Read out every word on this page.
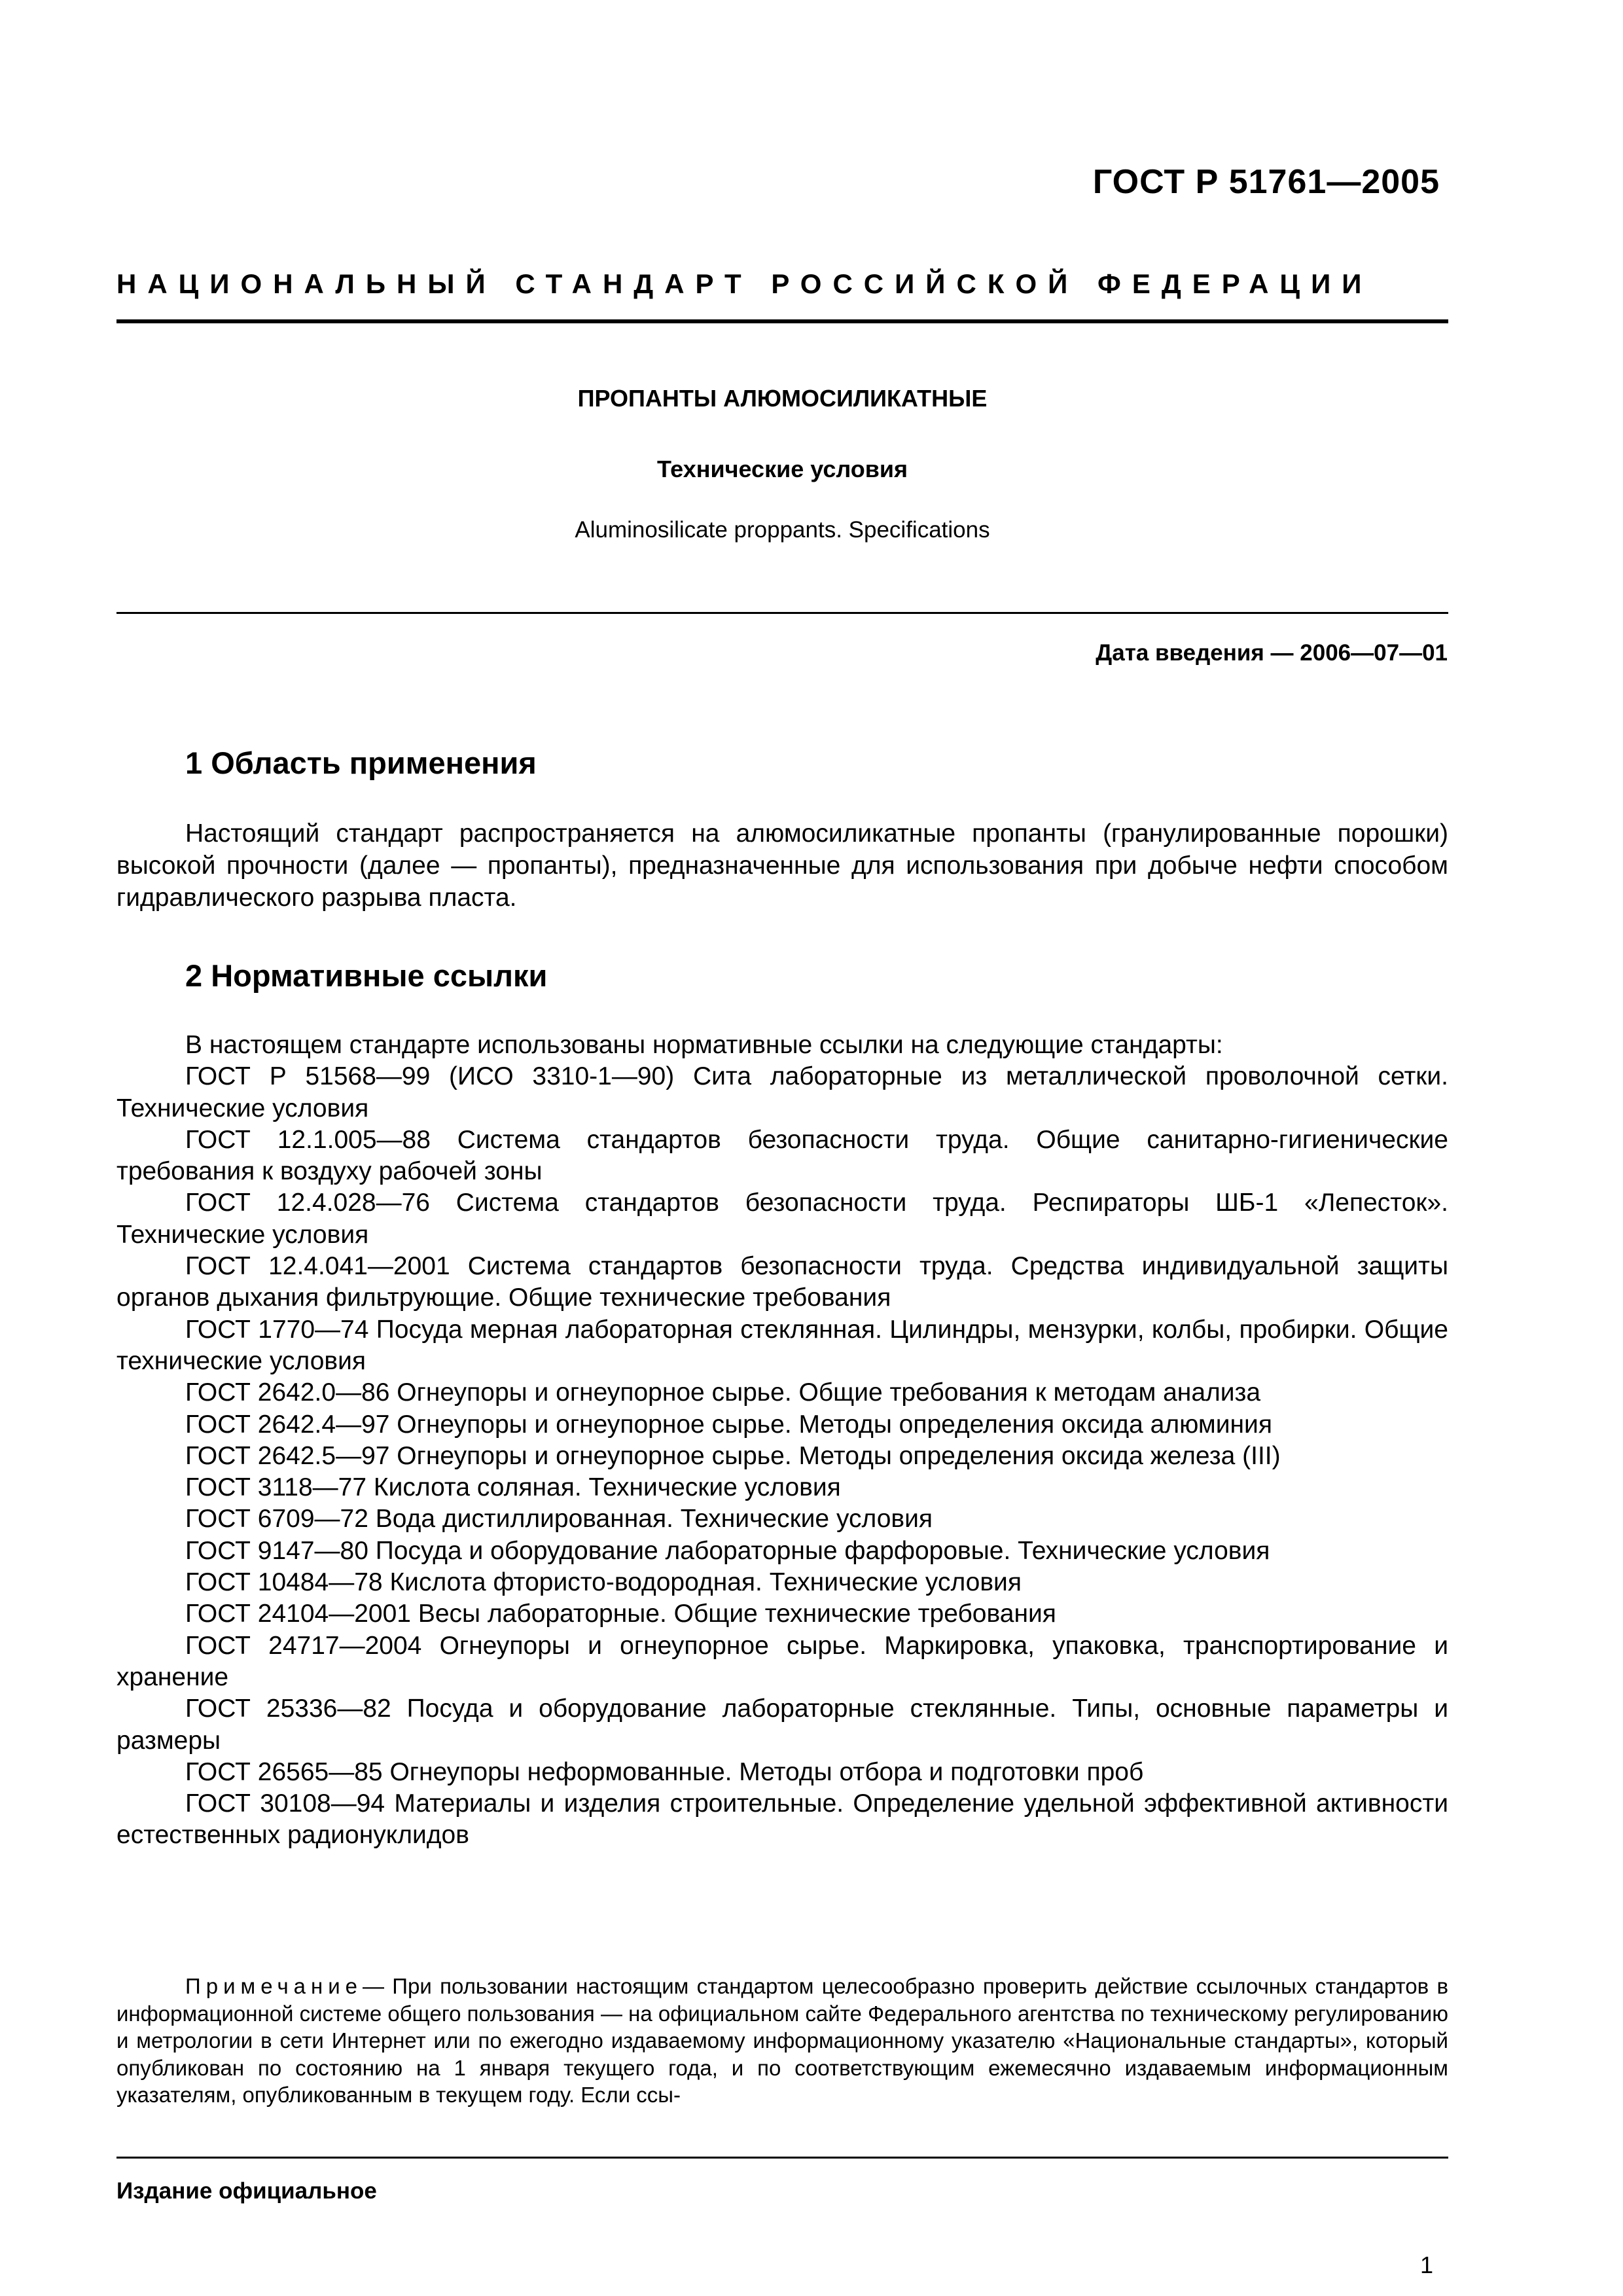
ГОСТ Р 51761—2005
НАЦИОНАЛЬНЫЙ СТАНДАРТ РОССИЙСКОЙ ФЕДЕРАЦИИ
ПРОПАНТЫ АЛЮМОСИЛИКАТНЫЕ
Технические условия
Aluminosilicate proppants. Specifications
Дата введения — 2006—07—01
1 Область применения

Настоящий стандарт распространяется на алюмосиликатные пропанты (гранулированные порошки) высокой прочности (далее — пропанты), предназначенные для использования при добыче нефти способом гидравлического разрыва пласта.

2 Нормативные ссылки

В настоящем стандарте использованы нормативные ссылки на следующие стандарты:

ГОСТ Р 51568—99 (ИСО 3310-1—90) Сита лабораторные из металлической проволочной сетки. Технические условия

ГОСТ 12.1.005—88 Система стандартов безопасности труда. Общие санитарно-гигиенические требования к воздуху рабочей зоны

ГОСТ 12.4.028—76 Система стандартов безопасности труда. Респираторы ШБ-1 «Лепесток». Технические условия

ГОСТ 12.4.041—2001 Система стандартов безопасности труда. Средства индивидуальной защиты органов дыхания фильтрующие. Общие технические требования

ГОСТ 1770—74 Посуда мерная лабораторная стеклянная. Цилиндры, мензурки, колбы, пробирки. Общие технические условия

ГОСТ 2642.0—86 Огнеупоры и огнеупорное сырье. Общие требования к методам анализа

ГОСТ 2642.4—97 Огнеупоры и огнеупорное сырье. Методы определения оксида алюминия

ГОСТ 2642.5—97 Огнеупоры и огнеупорное сырье. Методы определения оксида железа (III)

ГОСТ 3118—77 Кислота соляная. Технические условия

ГОСТ 6709—72 Вода дистиллированная. Технические условия

ГОСТ 9147—80 Посуда и оборудование лабораторные фарфоровые. Технические условия

ГОСТ 10484—78 Кислота фтористо-водородная. Технические условия

ГОСТ 24104—2001 Весы лабораторные. Общие технические требования

ГОСТ 24717—2004 Огнеупоры и огнеупорное сырье. Маркировка, упаковка, транспортирование и хранение

ГОСТ 25336—82 Посуда и оборудование лабораторные стеклянные. Типы, основные параметры и размеры

ГОСТ 26565—85 Огнеупоры неформованные. Методы отбора и подготовки проб

ГОСТ 30108—94 Материалы и изделия строительные. Определение удельной эффективной активности естественных радионуклидов

Примечание— При пользовании настоящим стандартом целесообразно проверить действие ссылочных стандартов в информационной системе общего пользования — на официальном сайте Федерального агентства по техническому регулированию и метрологии в сети Интернет или по ежегодно издаваемому информационному указателю «Национальные стандарты», который опубликован по состоянию на 1 января текущего года, и по соответствующим ежемесячно издаваемым информационным указателям, опубликованным в текущем году. Если ссы-

Издание официальное
1
